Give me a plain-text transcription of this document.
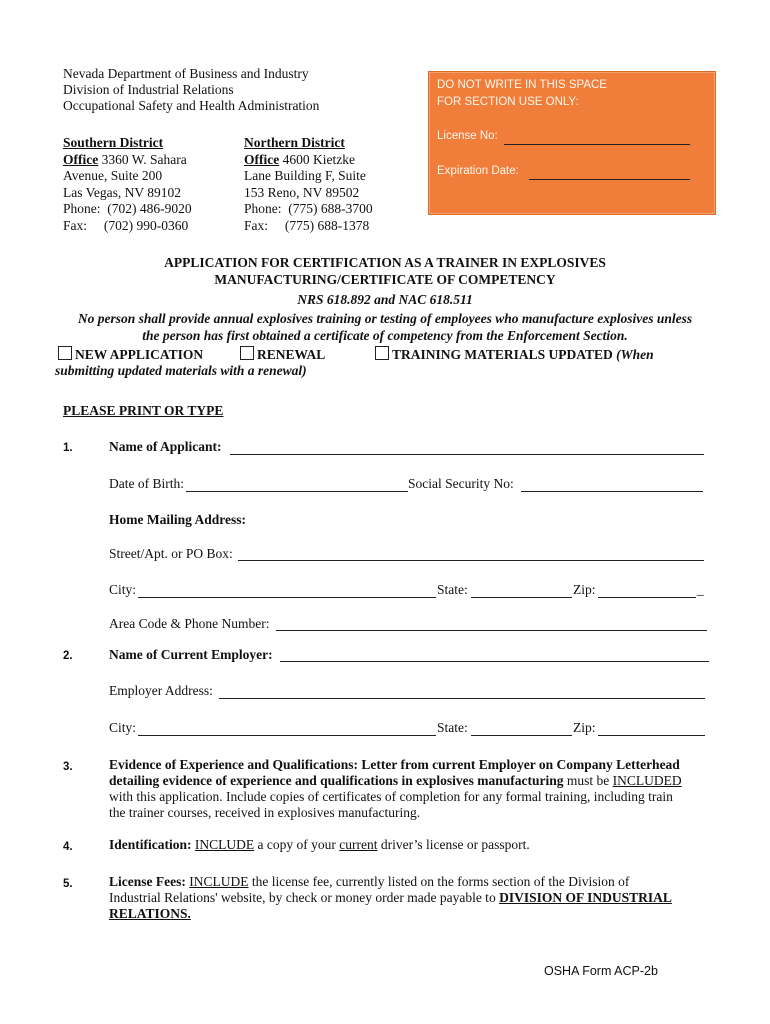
Nevada Department of Business and Industry
Division of Industrial Relations
Occupational Safety and Health Administration
Southern District
Office 3360 W. Sahara
Avenue, Suite 200
Las Vegas, NV 89102
Phone:  (702) 486-9020
Fax:     (702) 990-0360
Northern District
Office 4600 Kietzke
Lane Building F, Suite
153 Reno, NV 89502
Phone:  (775) 688-3700
Fax:     (775) 688-1378
DO NOT WRITE IN THIS SPACE
FOR SECTION USE ONLY:
License No:
Expiration Date:
APPLICATION FOR CERTIFICATION AS A TRAINER IN EXPLOSIVES
MANUFACTURING/CERTIFICATE OF COMPETENCY
NRS 618.892 and NAC 618.511
No person shall provide annual explosives training or testing of employees who manufacture explosives unless
the person has first obtained a certificate of competency from the Enforcement Section.
NEW APPLICATION	RENEWAL	TRAINING MATERIALS UPDATED (When
submitting updated materials with a renewal)
PLEASE PRINT OR TYPE
1.	Name of Applicant:
Date of Birth:	Social Security No:
Home Mailing Address:
Street/Apt. or PO Box:
City:	State:	Zip:	_
Area Code & Phone Number:
2.	Name of Current Employer:
Employer Address:
City:	State:	Zip:
3.	Evidence of Experience and Qualifications: Letter from current Employer on Company Letterhead
detailing evidence of experience and qualifications in explosives manufacturing must be INCLUDED
with this application. Include copies of certificates of completion for any formal training, including train
the trainer courses, received in explosives manufacturing.
4.	Identification: INCLUDE a copy of your current driver’s license or passport.
5.	License Fees: INCLUDE the license fee, currently listed on the forms section of the Division of
Industrial Relations' website, by check or money order made payable to DIVISION OF INDUSTRIAL
RELATIONS.
OSHA Form ACP-2b
